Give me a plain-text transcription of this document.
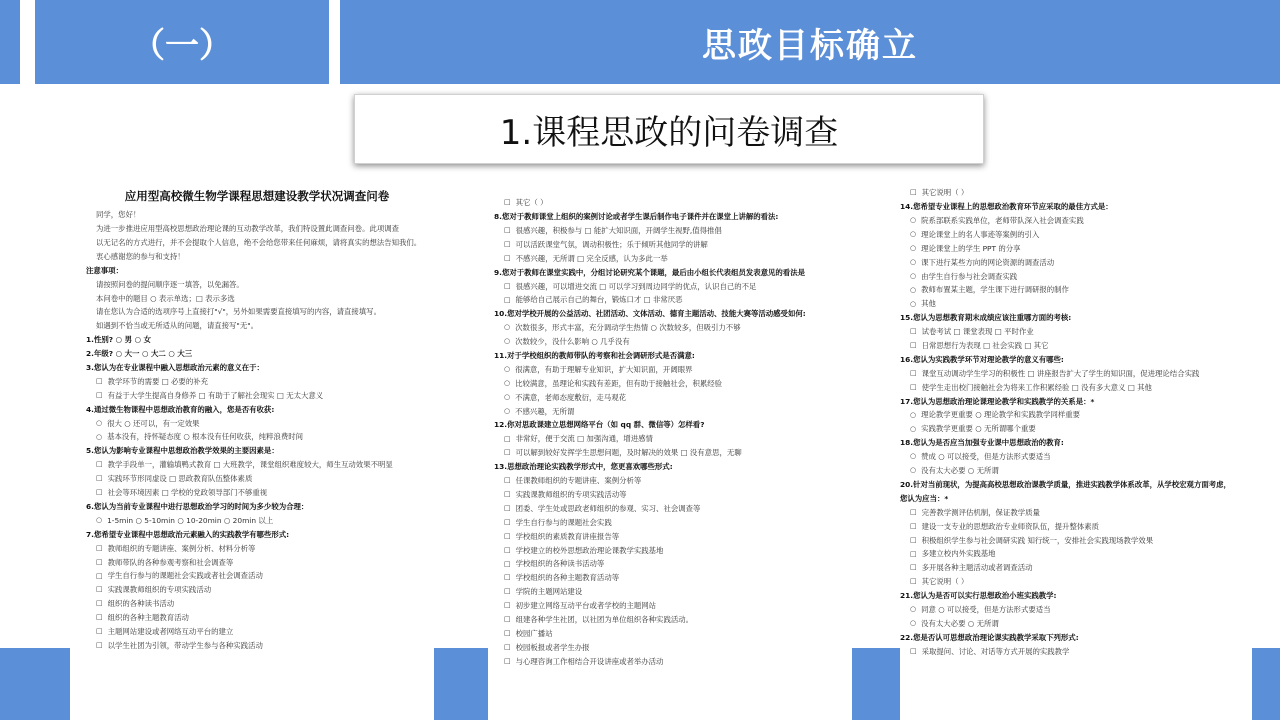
（一）	思政目标确立
1.课程思政的问卷调查
应用型高校微生物学课程思想建设教学状况调查问卷
同学，您好！
为进一步推进应用型高校思想政治理论课的互动教学改革，我们特设置此调查问卷。此项调查
以无记名的方式进行，并不会提取个人信息，绝不会给您带来任何麻烦，请将真实的想法告知我们。
衷心感谢您的参与和支持！
注意事项：
请按照问卷的提问顺序逐一填答，以免漏答。
本问卷中的题目 ○ 表示单选；□ 表示多选
请在您认为合适的选项序号上直接打"√"，另外如果需要直接填写的内容，请直接填写。
如遇到不恰当或无所适从的问题，请直接写"无"。
1.性别? ○ 男 ○ 女
2.年级? ○ 大一 ○ 大二 ○ 大三
3.您认为在专业课程中融入思想政治元素的意义在于：
□ 教学环节的需要 □ 必要的补充
□ 有益于大学生提高自身修养 □ 有助于了解社会现实 □ 无太大意义
4.通过微生物课程中思想政治教育的融入，您是否有收获:
○ 很大 ○ 还可以，有一定效果
○ 基本没有，持怀疑态度 ○ 根本没有任何收获，纯粹浪费时间
5.您认为影响专业课程中思想政治教学效果的主要因素是：
□ 教学手段单一，灌输填鸭式教育 □ 大班教学，课堂组织难度较大，师生互动效果不明显
□ 实践环节形同虚设 □ 思政教育队伍整体素质
□ 社会等环境因素 □ 学校的党政领导部门不够重视
6.您认为当前专业课程中进行思想政治学习的时间为多少较为合理：
○ 1-5min ○ 5-10min ○ 10-20min ○ 20min 以上
7.您希望专业课程中思想政治元素融入的实践教学有哪些形式:
□ 教师组织的专题讲座、案例分析、材料分析等
□ 教师带队的各种参观考察和社会调查等
□ 学生自行参与的课题社会实践或者社会调查活动
□ 实践课教师组织的专项实践活动
□ 组织的各种读书活动
□ 组织的各种主题教育活动
□ 主题网站建设或者网络互动平台的建立
□ 以学生社团为引领，带动学生参与各种实践活动
□ 其它（ ）
8.您对于教师课堂上组织的案例讨论或者学生课后制作电子课件并在课堂上讲解的看法:
□ 很感兴趣，积极参与 □ 能扩大知识面，开阔学生视野,值得推倡
□ 可以活跃课堂气氛，调动积极性；乐于倾听其他同学的讲解
□ 不感兴趣，无所谓 □ 完全反感，认为多此一举
9.您对于教师在课堂实践中，分组讨论研究某个课题，最后由小组长代表组员发表意见的看法是
□ 很感兴趣，可以增进交流 □ 可以学习到周边同学的优点，认识自己的不足
□ 能够给自己展示自己的舞台，锻炼口才 □ 非常厌恶
10.您对学校开展的公益活动、社团活动、文体活动、德育主题活动、技能大赛等活动感受如何:
○ 次数很多，形式丰富，充分调动学生热情 ○ 次数较多，但吸引力不够
○ 次数较少，没什么影响 ○ 几乎没有
11.对于学校组织的教师带队的考察和社会调研形式是否满意:
○ 很满意，有助于理解专业知识，扩大知识面，开阔眼界
○ 比较满意，虽理论和实践有差距，但有助于接触社会，积累经验
○ 不满意，老师态度敷衍，走马观花
○ 不感兴趣，无所谓
12.你对思政课建立思想网络平台（如 qq 群、微信等）怎样看?
□ 非常好，便于交流 □ 加强沟通，增进感情
□ 可以解到较好发挥学生思想问题，及时解决的效果 □ 没有意思，无聊
13.思想政治理论实践教学形式中，您更喜欢哪些形式:
□ 任课教师组织的专题讲座、案例分析等
□ 实践课教师组织的专项实践活动等
□ 团委、学生处或思政老师组织的参观、实习、社会调查等
□ 学生自行参与的课题社会实践
□ 学校组织的素质教育讲座报告等
□ 学校建立的校外思想政治理论课教学实践基地
□ 学校组织的各种读书活动等
□ 学校组织的各种主题教育活动等
□ 学院的主题网站建设
□ 初步建立网络互动平台或者学校的主题网站
□ 组建各种学生社团，以社团为单位组织各种实践活动。
□ 校园广播站
□ 校园板报或者学生办报
□ 与心理咨询工作相结合开设讲座或者举办活动
□ 其它说明（ ）
14.您希望专业课程上的思想政治教育环节应采取的最佳方式是：
○ 院系部联系实践单位，老师带队深入社会调查实践
○ 理论课堂上的名人事迹等案例的引入
○ 理论课堂上的学生 PPT 的分享
○ 课下进行某些方向的网论资源的调查活动
○ 由学生自行参与社会调查实践
○ 教师布置某主题，学生课下进行调研报的制作
○ 其他
15.您认为思想教育期末成绩应该注重哪方面的考核:
□ 试卷考试 □ 课堂表现 □ 平时作业
□ 日常思想行为表现 □ 社会实践 □ 其它
16.您认为实践教学环节对理论教学的意义有哪些:
□ 课堂互动调动学生学习的积极性 □ 讲座报告扩大了学生的知识面，促进理论结合实践
□ 使学生走出校门接触社会为将来工作积累经验 □ 没有多大意义 □ 其他
17.您认为思想政治理论课理论教学和实践教学的关系是：*
○ 理论教学更重要 ○ 理论教学和实践教学同样重要
○ 实践教学更重要 ○ 无所谓哪个重要
18.您认为是否应当加强专业课中思想政治的教育:
○ 赞成 ○ 可以接受，但是方法形式要适当
○ 没有太大必要 ○ 无所谓
20.针对当前现状，为提高高校思想政治课教学质量，推进实践教学体系改革，从学校宏观方面考虑，
您认为应当：*
□ 完善教学测评估机制，保证教学质量
□ 建设一支专业的思想政治专业师资队伍，提升整体素质
□ 积极组织学生参与社会调研实践 知行统一，安排社会实践现场教学效果
□ 多建立校内外实践基地
□ 多开展各种主题活动或者调查活动
□ 其它说明（ ）
21.您认为是否可以实行思想政治小班实践教学:
○ 同意 ○ 可以接受，但是方法形式要适当
○ 没有太大必要 ○ 无所谓
22.您是否认可思想政治理论课实践教学采取下列形式:
□ 采取提问、讨论、对话等方式开展的实践教学
